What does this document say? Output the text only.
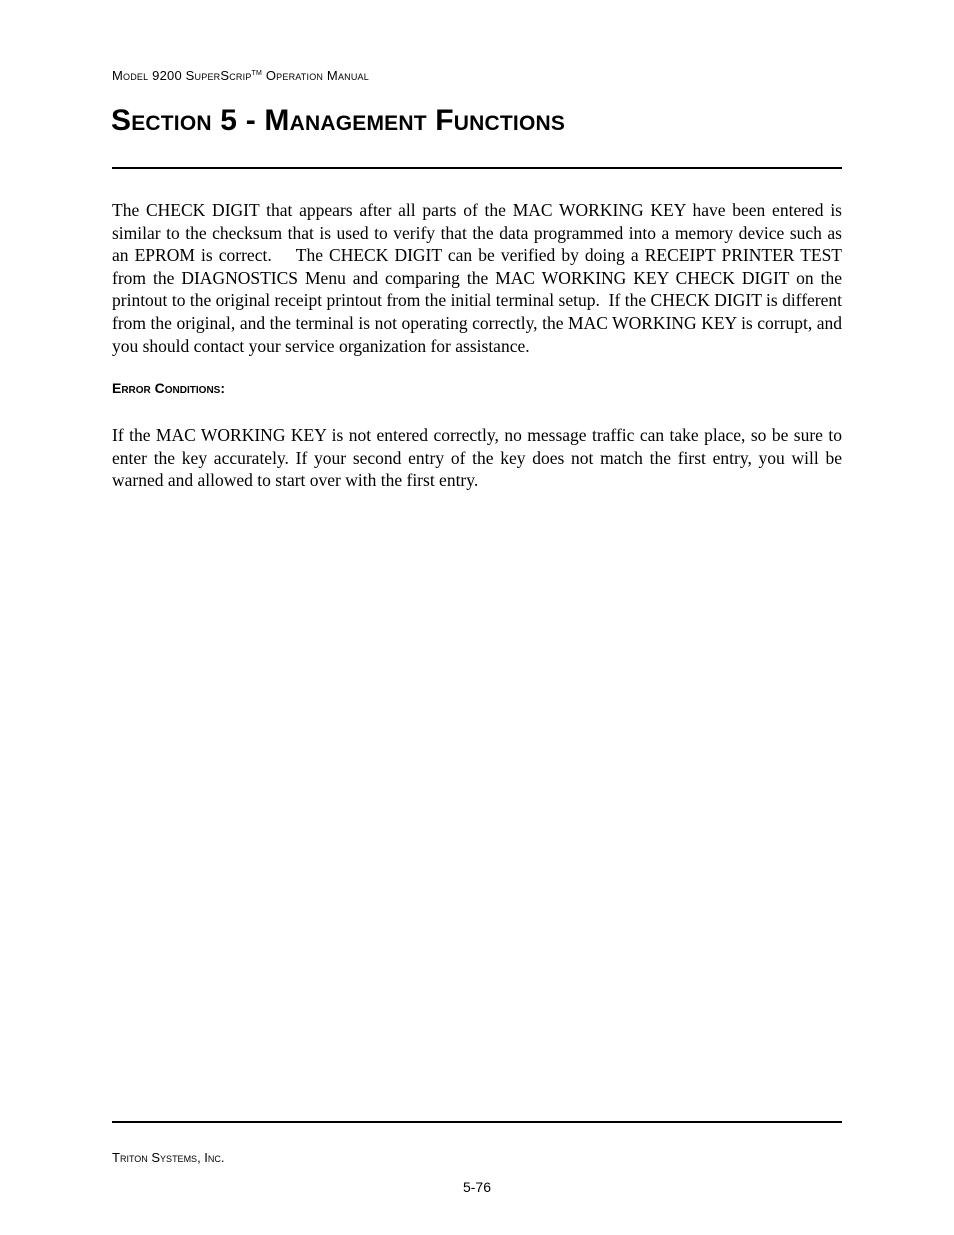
Model 9200 SuperScrip™ Operation Manual
Section 5 - Management Functions

The CHECK DIGIT that appears after all parts of the MAC WORKING KEY have been entered is similar to the checksum that is used to verify that the data programmed into a memory device such as an EPROM is correct.    The CHECK DIGIT can be verified by doing a RECEIPT PRINTER TEST from the DIAGNOSTICS Menu and comparing the MAC WORKING KEY CHECK DIGIT on the printout to the original receipt printout from the initial terminal setup.  If the CHECK DIGIT is different from the original, and the terminal is not operating correctly, the MAC WORKING KEY is corrupt, and you should contact your service organization for assistance.

Error Conditions:

If the MAC WORKING KEY is not entered correctly, no message traffic can take place, so be sure to enter the key accurately. If your second entry of the key does not match the first entry, you will be warned and allowed to start over with the first entry.

Triton Systems, Inc.
5-76
